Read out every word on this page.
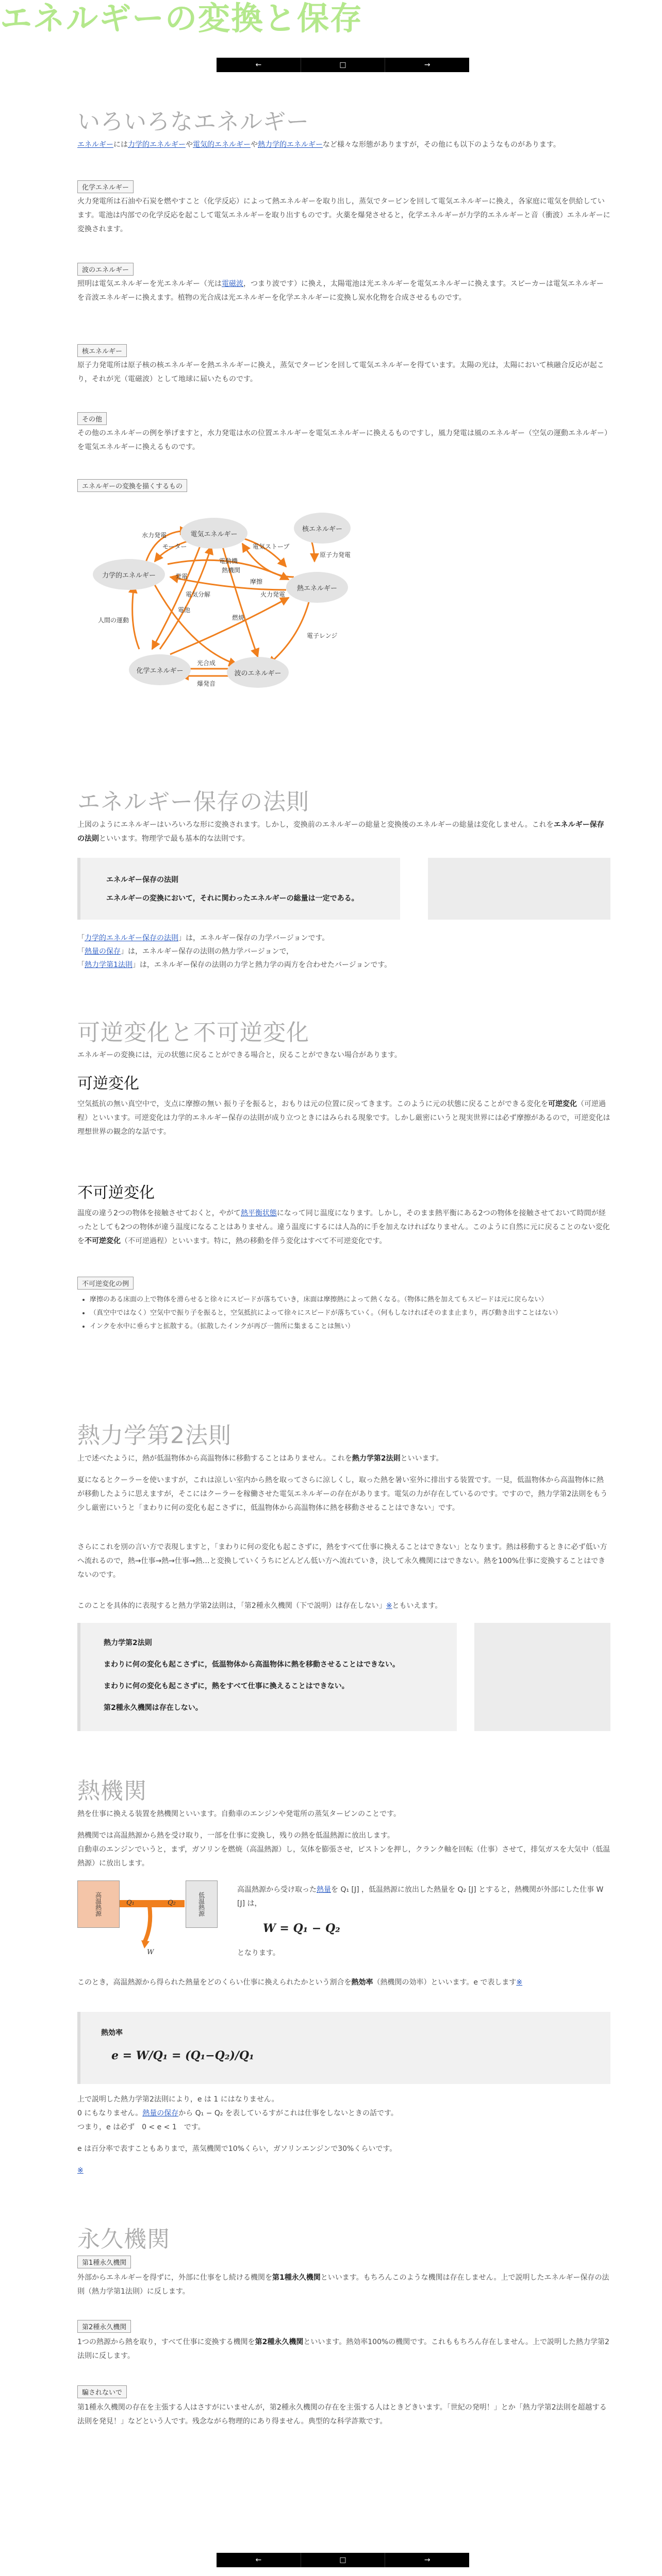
エネルギーの変換と保存
←	□	→
いろいろなエネルギー

エネルギーには力学的エネルギーや電気的エネルギーや熱力学的エネルギーなど様々な形態がありますが，その他にも以下のようなものがあります。

化学エネルギー

火力発電所は石油や石炭を燃やすこと（化学反応）によって熱エネルギーを取り出し，蒸気でタービンを回して電気エネルギーに換え，各家庭に電気を供給しています。電池は内部での化学反応を起こして電気エネルギーを取り出すものです。火薬を爆発させると，化学エネルギーが力学的エネルギーと音（衝波）エネルギーに変換されます。

波のエネルギー

照明は電気エネルギーを光エネルギー（光は電磁波，つまり波です）に換え，太陽電池は光エネルギーを電気エネルギーに換えます。スピーカーは電気エネルギーを音波エネルギーに換えます。植物の光合成は光エネルギーを化学エネルギーに変換し炭水化物を合成させるものです。

核エネルギー

原子力発電所は原子核の核エネルギーを熱エネルギーに換え，蒸気でタービンを回して電気エネルギーを得ています。太陽の光は，太陽において核融合反応が起こり，それが光（電磁波）として地球に届いたものです。

その他

その他のエネルギーの例を挙げますと，水力発電は水の位置エネルギーを電気エネルギーに換えるものですし，風力発電は風のエネルギー（空気の運動エネルギー）を電気エネルギーに換えるものです。

エネルギーの変換を描くするもの
電気エネルギー
核エネルギー
力学的エネルギー
熱エネルギー
化学エネルギー	波のエネルギー
水力発電
モーター	電気ストーブ
原子力発電
電動機
熱機関
発電
電気分解
摩擦
火力発電
電池
人間の運動	燃焼
光合成
爆発音
電子レンジ
エネルギー保存の法則

上図のようにエネルギーはいろいろな形に変換されます。しかし，変換前のエネルギーの総量と変換後のエネルギーの総量は変化しません。これをエネルギー保存の法則といいます。物理学で最も基本的な法則です。

エネルギー保存の法則
エネルギーの変換において，それに関わったエネルギーの総量は一定である。

「力学的エネルギー保存の法則」は，エネルギー保存の力学バージョンです。
「熱量の保存」は，エネルギー保存の法則の熱力学バージョンで，
「熱力学第1法則」は，エネルギー保存の法則の力学と熱力学の両方を合わせたバージョンです。

可逆変化と不可逆変化

エネルギーの変換には，元の状態に戻ることができる場合と，戻ることができない場合があります。

可逆変化

空気抵抗の無い真空中で，支点に摩擦の無い 振り子を振ると，おもりは元の位置に戻ってきます。このように元の状態に戻ることができる変化を可逆変化（可逆過程）といいます。可逆変化は力学的エネルギー保存の法則が成り立つときにはみられる現象です。しかし厳密にいうと現実世界には必ず摩擦があるので，可逆変化は理想世界の観念的な話です。

不可逆変化

温度の違う2つの物体を接触させておくと，やがて熱平衡状態になって同じ温度になります。しかし，そのまま熱平衡にある2つの物体を接触させておいて時間が経ったとしても2つの物体が違う温度になることはありません。違う温度にするには人為的に手を加えなければなりません。このように自然に元に戻ることのない変化を不可逆変化（不可逆過程）といいます。特に，熱の移動を伴う変化はすべて不可逆変化です。

不可逆変化の例
• 摩擦のある床面の上で物体を滑らせると徐々にスピードが落ちていき，床面は摩擦熱によって熱くなる。（物体に熱を加えてもスピードは元に戻らない）
• （真空中ではなく）空気中で振り子を振ると，空気抵抗によって徐々にスピードが落ちていく。（何もしなければそのまま止まり，再び動き出すことはない）
• インクを水中に垂らすと拡散する。（拡散したインクが再び一箇所に集まることは無い）
熱力学第2法則

上で述べたように，熱が低温物体から高温物体に移動することはありません。これを熱力学第2法則といいます。

夏になるとクーラーを使いますが，これは涼しい室内から熱を取ってさらに涼しくし，取った熱を暑い室外に排出する装置です。一見，低温物体から高温物体に熱が移動したように思えますが，そこにはクーラーを稼働させた電気エネルギーの存在があります。電気の力が存在しているのです。ですので，熱力学第2法則をもう少し厳密にいうと「まわりに何の変化も起こさずに，低温物体から高温物体に熱を移動させることはできない」です。

さらにこれを別の言い方で表現しますと，「まわりに何の変化も起こさずに，熱をすべて仕事に換えることはできない」となります。熱は移動するときに必ず低い方へ流れるので，熱→仕事→熱→仕事→熱…と変換していくうちにどんどん低い方へ流れていき，決して永久機関にはできない。熱を100%仕事に変換することはできないのです。

このことを具体的に表現すると熱力学第2法則は，「第2種永久機関（下で説明）は存在しない」※ともいえます。

熱力学第2法則
まわりに何の変化も起こさずに，低温物体から高温物体に熱を移動させることはできない。
まわりに何の変化も起こさずに，熱をすべて仕事に換えることはできない。
第2種永久機関は存在しない。
熱機関

熱を仕事に換える装置を熱機関といいます。自動車のエンジンや発電所の蒸気タービンのことです。

熱機関では高温熱源から熱を受け取り，一部を仕事に変換し，残りの熱を低温熱源に放出します。

自動車のエンジンでいうと，まず，ガソリンを燃焼（高温熱源）し，気体を膨張させ，ピストンを押し，クランク軸を回転（仕事）させて，排気ガスを大気中（低温熱源）に放出します。

高温熱源	低温熱源
Q₁	Q₂
W

高温熱源から受け取った熱量を Q₁ [J] ，低温熱源に放出した熱量を Q₂ [J] とすると，熱機関が外部にした仕事 W [J] は，

W = Q₁ − Q₂

となります。

このとき，高温熱源から得られた熱量をどのくらい仕事に換えられたかという割合を熱効率（熱機関の効率）といいます。e で表します※

熱効率
e = W/Q₁ = (Q₁−Q₂)/Q₁

上で説明した熱力学第2法則により，e は 1 にはなりません。

0 にもなりません。熱量の保存から Q₁ − Q₂ を表しているすがこれは仕事をしないときの話です。

つまり，e は必ず　0 < e < 1　です。

e は百分率で表すこともありまで，蒸気機関で10%くらい，ガソリンエンジンで30%くらいです。

※

永久機関
第1種永久機関

外部からエネルギーを得ずに，外部に仕事をし続ける機関を第1種永久機関といいます。もちろんこのような機関は存在しません。上で説明したエネルギー保存の法則（熱力学第1法則）に反します。

第2種永久機関

1つの熱源から熱を取り，すべて仕事に変換する機関を第2種永久機関といいます。熱効率100%の機関です。これももちろん存在しません。上で説明した熱力学第2法則に反します。

騙されないで

第1種永久機関の存在を主張する人はさすがにいませんが，第2種永久機関の存在を主張する人はときどきいます。「世紀の発明！」とか「熱力学第2法則を超越する法則を発見！」などという人です。残念ながら物理的にあり得ません。典型的な科学詐欺です。

←	□	→
